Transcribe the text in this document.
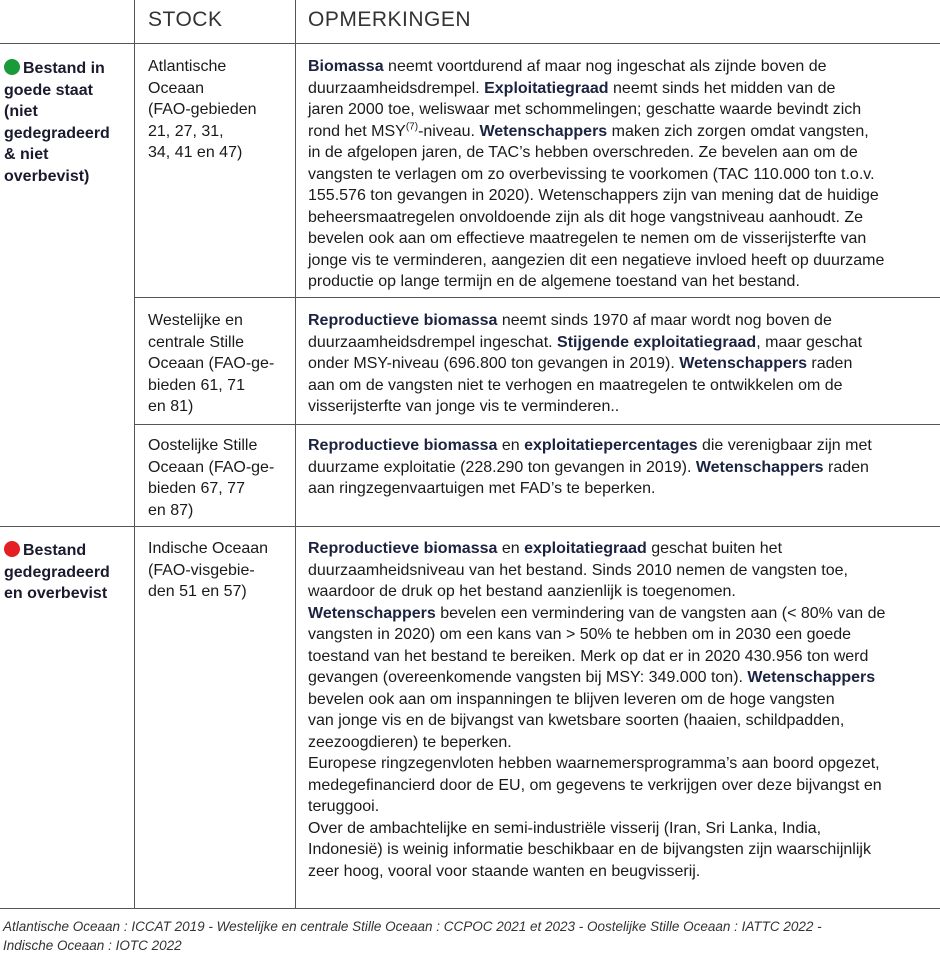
STOCK	OPMERKINGEN
Bestand in
goede staat
(niet
gedegradeerd
& niet
overbevist)
Bestand
gedegradeerd
en overbevist
Atlantische
Oceaan
(FAO-gebieden
21, 27, 31,
34, 41 en 47)
Westelijke en
centrale Stille
Oceaan (FAO-ge-
bieden 61, 71
en 81)
Oostelijke Stille
Oceaan (FAO-ge-
bieden 67, 77
en 87)
Indische Oceaan
(FAO-visgebie-
den 51 en 57)
Biomassa neemt voortdurend af maar nog ingeschat als zijnde boven de
duurzaamheidsdrempel. Exploitatiegraad neemt sinds het midden van de
jaren 2000 toe, weliswaar met schommelingen; geschatte waarde bevindt zich
rond het MSY$^{(7)}$-niveau. Wetenschappers maken zich zorgen omdat vangsten,
in de afgelopen jaren, de TAC’s hebben overschreden. Ze bevelen aan om de
vangsten te verlagen om zo overbevissing te voorkomen (TAC 110.000 ton t.o.v.
155.576 ton gevangen in 2020). Wetenschappers zijn van mening dat de huidige
beheersmaatregelen onvoldoende zijn als dit hoge vangstniveau aanhoudt. Ze
bevelen ook aan om effectieve maatregelen te nemen om de visserijsterfte van
jonge vis te verminderen, aangezien dit een negatieve invloed heeft op duurzame
productie op lange termijn en de algemene toestand van het bestand.
Reproductieve biomassa neemt sinds 1970 af maar wordt nog boven de
duurzaamheidsdrempel ingeschat. Stijgende exploitatiegraad, maar geschat
onder MSY-niveau (696.800 ton gevangen in 2019). Wetenschappers raden
aan om de vangsten niet te verhogen en maatregelen te ontwikkelen om de
visserijsterfte van jonge vis te verminderen..
Reproductieve biomassa en exploitatiepercentages die verenigbaar zijn met
duurzame exploitatie (228.290 ton gevangen in 2019). Wetenschappers raden
aan ringzegenvaartuigen met FAD’s te beperken.
Reproductieve biomassa en exploitatiegraad geschat buiten het
duurzaamheidsniveau van het bestand. Sinds 2010 nemen de vangsten toe,
waardoor de druk op het bestand aanzienlijk is toegenomen.
Wetenschappers bevelen een vermindering van de vangsten aan (< 80% van de
vangsten in 2020) om een kans van > 50% te hebben om in 2030 een goede
toestand van het bestand te bereiken. Merk op dat er in 2020 430.956 ton werd
gevangen (overeenkomende vangsten bij MSY: 349.000 ton). Wetenschappers
bevelen ook aan om inspanningen te blijven leveren om de hoge vangsten
van jonge vis en de bijvangst van kwetsbare soorten (haaien, schildpadden,
zeezoogdieren) te beperken.
Europese ringzegenvloten hebben waarnemersprogramma’s aan boord opgezet,
medegefinancierd door de EU, om gegevens te verkrijgen over deze bijvangst en
teruggooi.
Over de ambachtelijke en semi-industriële visserij (Iran, Sri Lanka, India,
Indonesië) is weinig informatie beschikbaar en de bijvangsten zijn waarschijnlijk
zeer hoog, vooral voor staande wanten en beugvisserij.
Atlantische Oceaan : ICCAT 2019 - Westelijke en centrale Stille Oceaan : CCPOC 2021 et 2023 - Oostelijke Stille Oceaan : IATTC 2022 -
Indische Oceaan : IOTC 2022
